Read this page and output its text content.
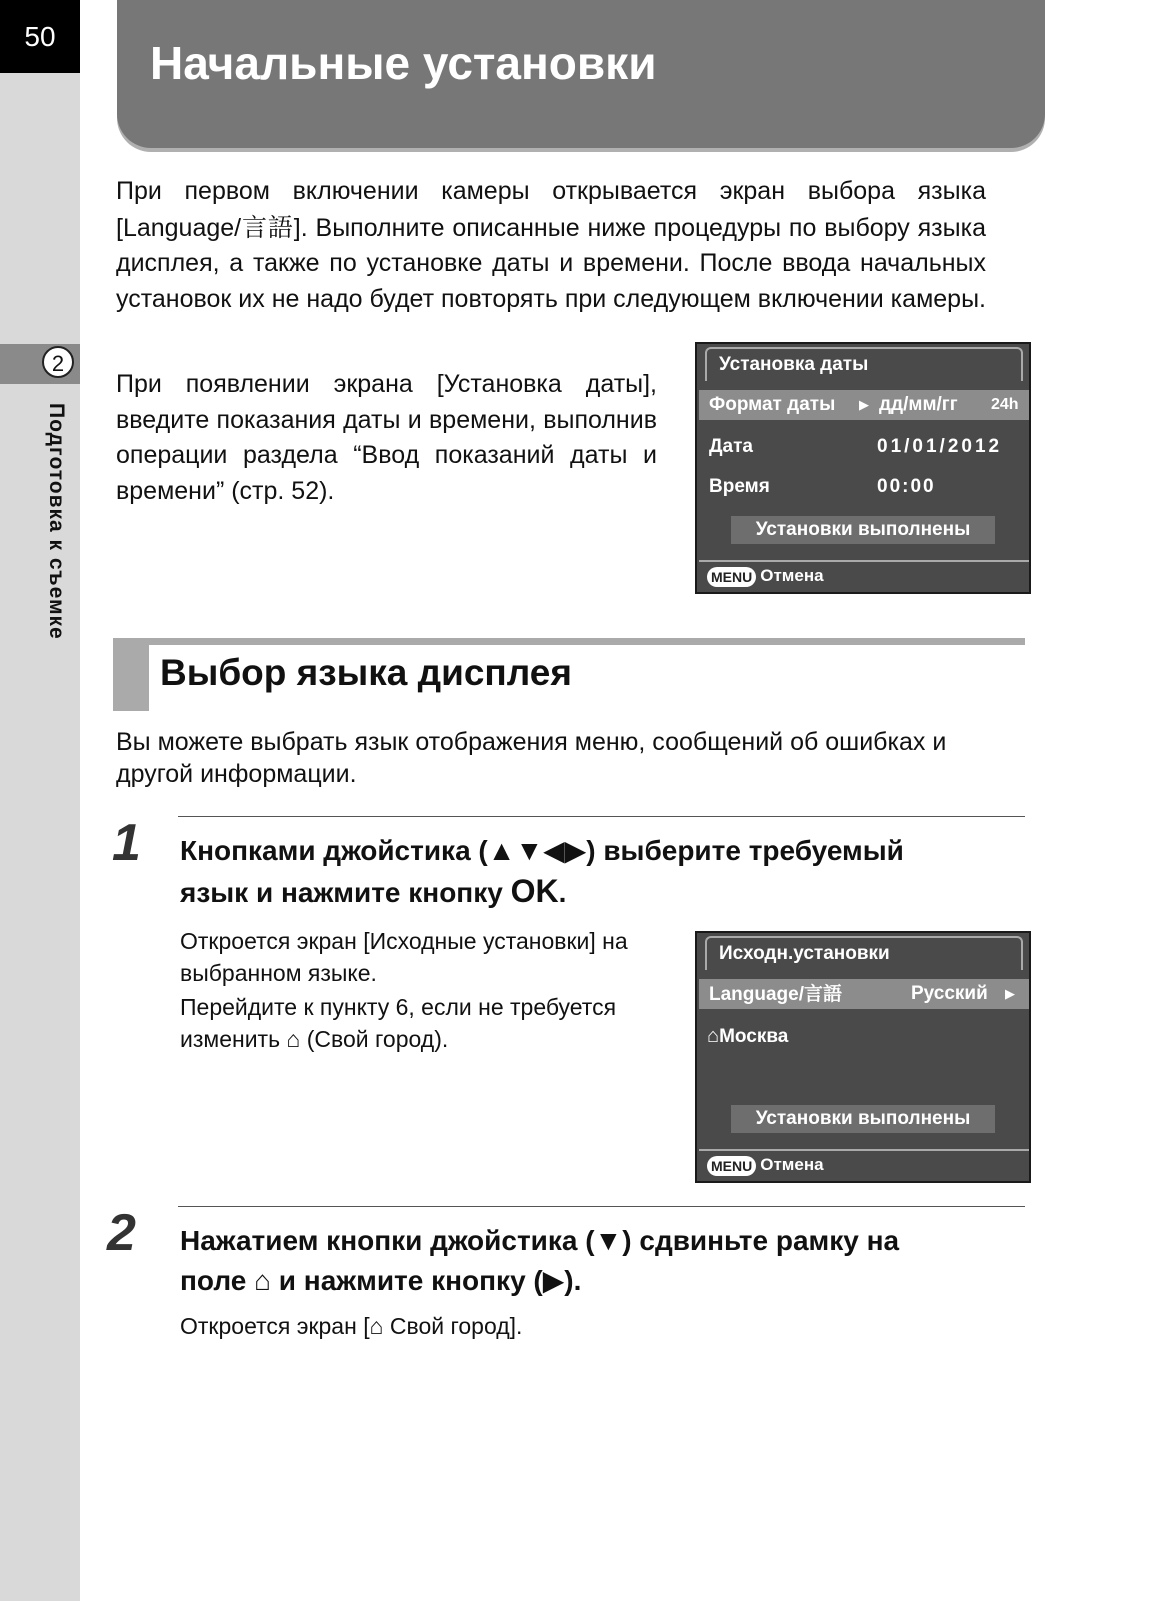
50
2
Подготовка к съемке
Начальные установки
При первом включении камеры открывается экран выбора языка [Language/言語]. Выполните описанные ниже процедуры по выбору языка дисплея, а также по установке даты и времени. После ввода начальных установок их не надо будет повторять при следующем включении камеры.
При появлении экрана [Установка даты], введите показания даты и времени, выполнив операции раздела “Ввод показаний даты и времени” (стр. 52).
Установка даты
Формат даты ▶ дд/мм/гг 24h
Дата	01/01/2012
Время	00:00
Установки выполнены
MENU Отмена
Выбор языка дисплея
Вы можете выбрать язык отображения меню, сообщений об ошибках и другой информации.
1 Кнопками джойстика (▲▼◀▶) выберите требуемый
язык и нажмите кнопку OK.
Откроется экран [Исходные установки] на выбранном языке.
Перейдите к пункту 6, если не требуется изменить ⌂ (Свой город).
Исходн.установки
Language/言語	Русский ▶
⌂Москва
Установки выполнены
MENU Отмена
2 Нажатием кнопки джойстика (▼) сдвиньте рамку на
поле ⌂ и нажмите кнопку (▶).
Откроется экран [⌂ Свой город].
